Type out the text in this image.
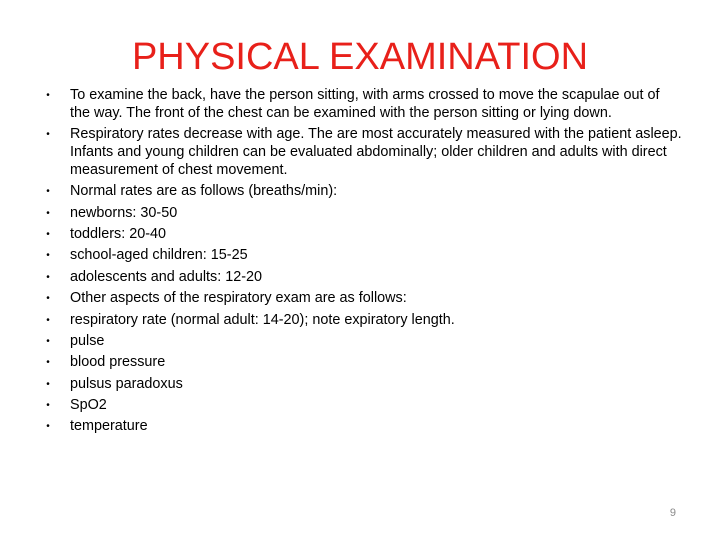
PHYSICAL EXAMINATION
• To examine the back, have the person sitting, with arms crossed to move the scapulae out of the way. The front of the chest can be examined with the person sitting or lying down.
• Respiratory rates decrease with age. The are most accurately measured with the patient asleep. Infants and young children can be evaluated abdominally; older children and adults with direct measurement of chest movement.
• Normal rates are as follows (breaths/min):
• newborns: 30-50
• toddlers: 20-40
• school-aged children: 15-25
• adolescents and adults: 12-20
• Other aspects of the respiratory exam are as follows:
• respiratory rate (normal adult: 14-20); note expiratory length.
• pulse
• blood pressure
• pulsus paradoxus
• SpO2
• temperature
9
